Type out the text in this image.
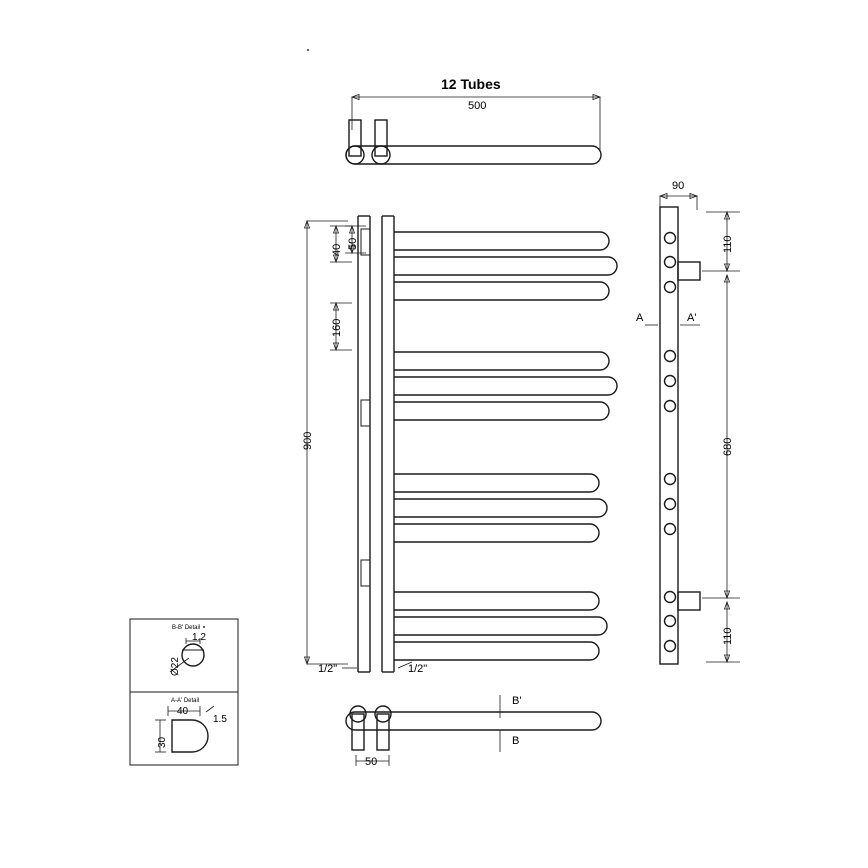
12 Tubes
500
900
40 50
160
1/2"	1/2"
90
110
680
110
A	A'
50
B'
B
B-B' Detail
1.2
Ø22
A-A' Detail
40
1.5
30
